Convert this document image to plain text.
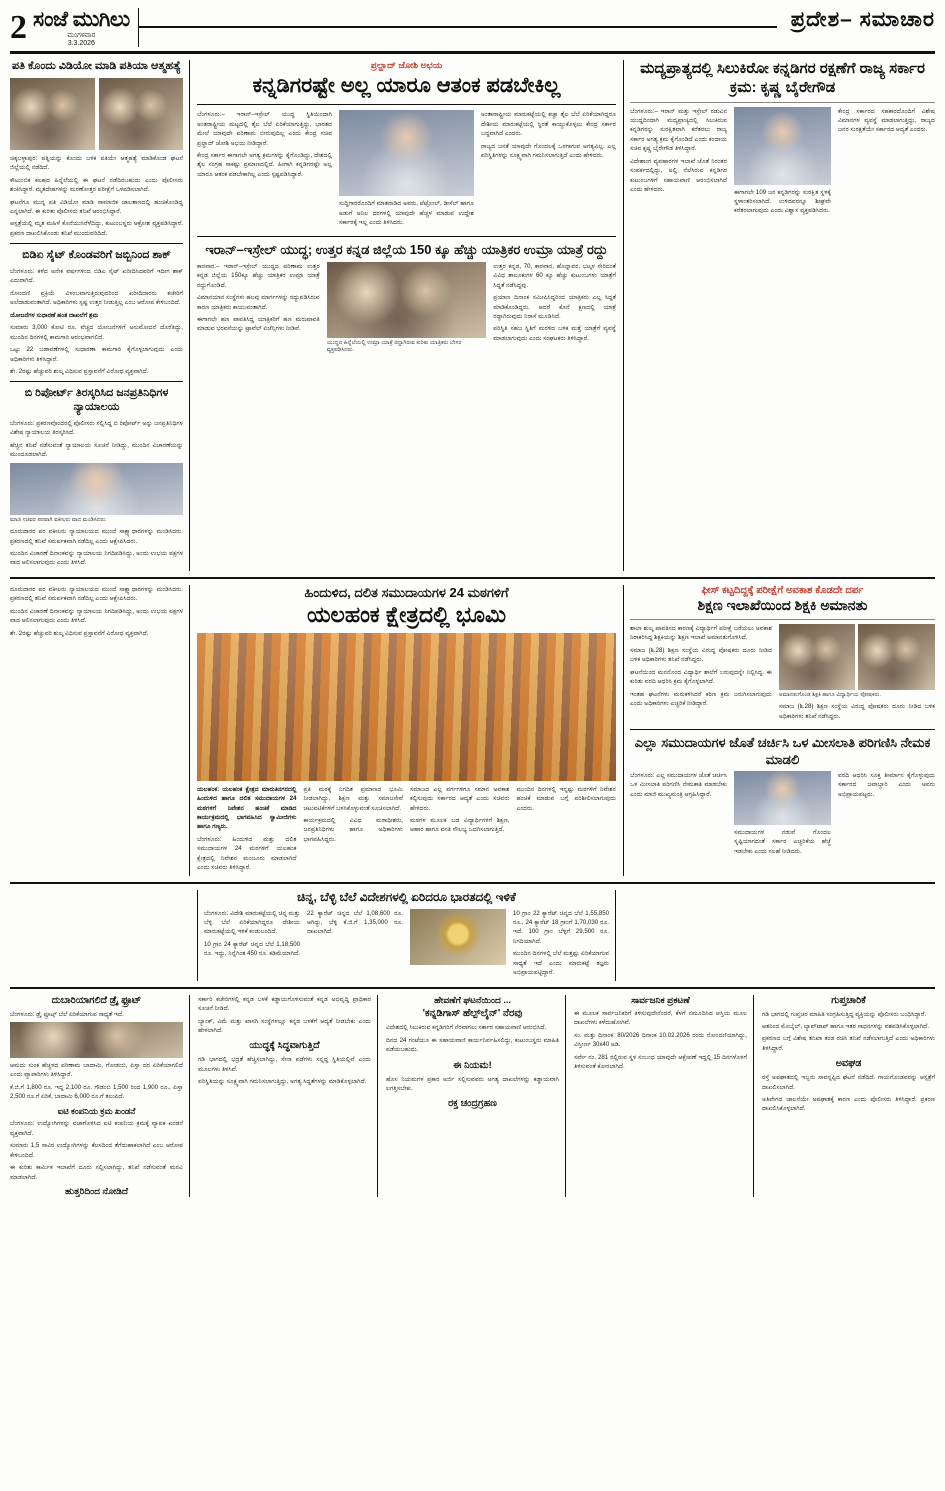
2 ಸಂಜೆ ಮುಗಿಲು
ಮಂಗಳವಾರ
3.3.2026
ಪ್ರದೇಶ– ಸಮಾಚಾರ
ಪತಿ ಕೊಂದು ವಿಡಿಯೋ ಮಾಡಿ ಪತಿಯಾ ಆತ್ಮಹತ್ಯೆ

ಚಿಕ್ಕಬಳ್ಳಾಪುರ: ಪತ್ನಿಯನ್ನು ಕೊಂದು ಬಳಿಕ ಪತಿಯೇ ಆತ್ಮಹತ್ಯೆ ಮಾಡಿಕೊಂಡ ಘಟನೆ ಜಿಲ್ಲೆಯಲ್ಲಿ ನಡೆದಿದೆ.

ಕೌಟುಂಬಿಕ ಕಲಹದ ಹಿನ್ನೆಲೆಯಲ್ಲಿ ಈ ಘಟನೆ ನಡೆದಿರಬಹುದು ಎಂದು ಪೊಲೀಸರು ಶಂಕಿಸಿದ್ದಾರೆ. ಮೃತದೇಹಗಳನ್ನು ಮರಣೋತ್ತರ ಪರೀಕ್ಷೆಗೆ ಒಳಪಡಿಸಲಾಗಿದೆ.

ಘಟನೆಗೂ ಮುನ್ನ ಪತಿ ವಿಡಿಯೋ ಮಾಡಿ ಸಾಮಾಜಿಕ ಜಾಲತಾಣದಲ್ಲಿ ಹಂಚಿಕೊಂಡಿದ್ದ ಎನ್ನಲಾಗಿದೆ. ಈ ಕುರಿತು ಪೊಲೀಸರು ತನಿಖೆ ಆರಂಭಿಸಿದ್ದಾರೆ.

ಆಸ್ಪತ್ರೆಯಲ್ಲಿ ಮೃತ ಮಹಿಳೆ ಕೊನೆಯುಸಿರೆಳೆದಿದ್ದು, ಕುಟುಂಬಸ್ಥರು ಆಕ್ರೋಶ ವ್ಯಕ್ತಪಡಿಸಿದ್ದಾರೆ. ಪ್ರಕರಣ ದಾಖಲಿಸಿಕೊಂಡು ತನಿಖೆ ಮುಂದುವರಿದಿದೆ.

ಬಿಡಿಏ ಸೈಟ್ ಕೊಂಡವರಿಗೆ ಜಬ್ಬಿನಿಂದ ಶಾಕ್

ಬೆಂಗಳೂರು: ಕಳೆದ ಅನೇಕ ವರ್ಷಗಳಿಂದ ಬಿಡಿಎ ಸೈಟ್ ಖರೀದಿಸಿದವರಿಗೆ ಇದೀಗ ಶಾಕ್ ಎದುರಾಗಿದೆ.

ನೋಂದಣಿ ಪ್ರಕ್ರಿಯೆ ವಿಳಂಬವಾಗುತ್ತಿರುವುದರಿಂದ ಖರೀದಿದಾರರು ಕಚೇರಿಗೆ ಅಲೆದಾಡುವಂತಾಗಿದೆ. ಅಧಿಕಾರಿಗಳು ಸ್ಪಷ್ಟ ಉತ್ತರ ನೀಡುತ್ತಿಲ್ಲ ಎಂಬ ಆರೋಪ ಕೇಳಿಬಂದಿದೆ.

ಯೋಜನೆಗಳ ಸುಧಾರಣೆ ಹಂತ ದಾಖಲೆಗೆ ಶ್ರಮ

ಸುಮಾರು 3,000 ಕೋಟಿ ರೂ. ವೆಚ್ಚದ ಯೋಜನೆಗಳಿಗೆ ಅನುಮೋದನೆ ದೊರೆತಿದ್ದು, ಮುಂದಿನ ದಿನಗಳಲ್ಲಿ ಕಾಮಗಾರಿ ಆರಂಭವಾಗಲಿದೆ.

ಒಟ್ಟು 22 ಬಡಾವಣೆಗಳಲ್ಲಿ ಸುಧಾರಣಾ ಕಾಮಗಾರಿ ಕೈಗೊಳ್ಳಲಾಗುವುದು ಎಂದು ಅಧಿಕಾರಿಗಳು ತಿಳಿಸಿದ್ದಾರೆ.

ಶೇ. 2ರಷ್ಟು ಹೆಚ್ಚುವರಿ ಶುಲ್ಕ ವಿಧಿಸುವ ಪ್ರಸ್ತಾವನೆಗೆ ವಿರೋಧ ವ್ಯಕ್ತವಾಗಿದೆ.

ಬಿ ರಿಪೋರ್ಟ್ ತಿರಸ್ಕರಿಸಿದ ಜನಪ್ರತಿನಿಧಿಗಳ ನ್ಯಾಯಾಲಯ

ಬೆಂಗಳೂರು: ಪ್ರಕರಣವೊಂದರಲ್ಲಿ ಪೊಲೀಸರು ಸಲ್ಲಿಸಿದ್ದ ಬಿ ರಿಪೋರ್ಟ್ ಅನ್ನು ಜನಪ್ರತಿನಿಧಿಗಳ ವಿಶೇಷ ನ್ಯಾಯಾಲಯ ತಿರಸ್ಕರಿಸಿದೆ.

ಹೆಚ್ಚಿನ ತನಿಖೆ ನಡೆಸುವಂತೆ ನ್ಯಾಯಾಲಯ ಸೂಚನೆ ನೀಡಿದ್ದು, ಮುಂದಿನ ವಿಚಾರಣೆಯನ್ನು ಮುಂದೂಡಲಾಗಿದೆ.

ಮಾಜಿ ಸಚಿವರ ಪರವಾಗಿ ವಕೀಲರು ವಾದ ಮಂಡಿಸಿದರು.

ದೂರುದಾರರ ಪರ ವಕೀಲರು ನ್ಯಾಯಾಲಯದ ಮುಂದೆ ಸಾಕ್ಷ್ಯಾಧಾರಗಳನ್ನು ಮಂಡಿಸಿದರು. ಪ್ರಕರಣದಲ್ಲಿ ತನಿಖೆ ಸಮರ್ಪಕವಾಗಿ ನಡೆದಿಲ್ಲ ಎಂದು ಆಕ್ಷೇಪಿಸಿದರು.

ಮುಂದಿನ ವಿಚಾರಣೆ ದಿನಾಂಕವನ್ನು ನ್ಯಾಯಾಲಯ ನಿಗದಿಪಡಿಸಿದ್ದು, ಅಂದು ಉಭಯ ಪಕ್ಷಗಳ ವಾದ ಆಲಿಸಲಾಗುವುದು ಎಂದು ತಿಳಿಸಿದೆ.

ಪ್ರಲ್ಹಾದ್ ಜೋಶಿ ಅಭಯ
ಕನ್ನಡಿಗರಷ್ಟೇ ಅಲ್ಲ ಯಾರೂ ಆತಂಕ ಪಡಬೇಕಿಲ್ಲ

ಬೆಂಗಳೂರು:– ಇರಾನ್–ಇಸ್ರೇಲ್ ಯುದ್ಧ ಸ್ಥಿತಿಯಿಂದಾಗಿ ಅಂತರಾಷ್ಟ್ರೀಯ ಮಟ್ಟದಲ್ಲಿ ತೈಲ ಬೆಲೆ ಏರಿಕೆಯಾಗುತ್ತಿದ್ದು, ಭಾರತದ ಮೇಲೆ ಯಾವುದೇ ಪರಿಣಾಮ ಬೀರುವುದಿಲ್ಲ ಎಂದು ಕೇಂದ್ರ ಸಚಿವ ಪ್ರಲ್ಹಾದ್ ಜೋಶಿ ಅಭಯ ನೀಡಿದ್ದಾರೆ.

ಕೇಂದ್ರ ಸರ್ಕಾರ ಈಗಾಗಲೇ ಅಗತ್ಯ ಕ್ರಮಗಳನ್ನು ಕೈಗೊಂಡಿದ್ದು, ದೇಶದಲ್ಲಿ ತೈಲ ಸಂಗ್ರಹ ಸಾಕಷ್ಟು ಪ್ರಮಾಣದಲ್ಲಿದೆ. ಹೀಗಾಗಿ ಕನ್ನಡಿಗರಷ್ಟೇ ಅಲ್ಲ ಯಾರೂ ಆತಂಕ ಪಡಬೇಕಾಗಿಲ್ಲ ಎಂದು ಸ್ಪಷ್ಟಪಡಿಸಿದ್ದಾರೆ.

ಸುದ್ದಿಗಾರರೊಂದಿಗೆ ಮಾತನಾಡಿದ ಅವರು, ಪೆಟ್ರೋಲ್, ಡೀಸೆಲ್ ಹಾಗೂ ಅಡುಗೆ ಅನಿಲ ದರಗಳಲ್ಲಿ ಯಾವುದೇ ಹೆಚ್ಚಳ ಮಾಡುವ ಉದ್ದೇಶ ಸರ್ಕಾರಕ್ಕೆ ಇಲ್ಲ ಎಂದು ತಿಳಿಸಿದರು.

ಅಂತಾರಾಷ್ಟ್ರೀಯ ಮಾರುಕಟ್ಟೆಯಲ್ಲಿ ಕಚ್ಚಾ ತೈಲ ಬೆಲೆ ಏರಿಕೆಯಾಗಿದ್ದರೂ ದೇಶೀಯ ಮಾರುಕಟ್ಟೆಯಲ್ಲಿ ಸ್ಥಿರತೆ ಕಾಯ್ದುಕೊಳ್ಳಲು ಕೇಂದ್ರ ಸರ್ಕಾರ ಬದ್ಧವಾಗಿದೆ ಎಂದರು.

ರಾಜ್ಯದ ಜನತೆ ಯಾವುದೇ ಗೊಂದಲಕ್ಕೆ ಒಳಗಾಗುವ ಅಗತ್ಯವಿಲ್ಲ. ಎಲ್ಲ ಪರಿಸ್ಥಿತಿಗಳನ್ನು ಸೂಕ್ಷ್ಮವಾಗಿ ಗಮನಿಸಲಾಗುತ್ತಿದೆ ಎಂದು ಹೇಳಿದರು.

ಇರಾನ್–ಇಸ್ರೇಲ್ ಯುದ್ಧ; ಉತ್ತರ ಕನ್ನಡ ಜಿಲ್ಲೆಯ 150 ಕ್ಕೂ ಹೆಚ್ಚು ಯಾತ್ರಿಕರ ಉಮ್ರಾ ಯಾತ್ರೆ ರದ್ದು

ಕಾರವಾರ:– ಇರಾನ್–ಇಸ್ರೇಲ್ ಯುದ್ಧದ ಪರಿಣಾಮ ಉತ್ತರ ಕನ್ನಡ ಜಿಲ್ಲೆಯ 150ಕ್ಕೂ ಹೆಚ್ಚು ಯಾತ್ರಿಕರ ಉಮ್ರಾ ಯಾತ್ರೆ ರದ್ದುಗೊಂಡಿದೆ.

ವಿಮಾನಯಾನ ಸಂಸ್ಥೆಗಳು ಹಲವು ಮಾರ್ಗಗಳನ್ನು ರದ್ದುಪಡಿಸಿರುವ ಕಾರಣ ಯಾತ್ರಿಕರು ಕಾಯುವಂತಾಗಿದೆ.

ಈಗಾಗಲೇ ಹಣ ಪಾವತಿಸಿದ್ದ ಯಾತ್ರಿಕರಿಗೆ ಹಣ ಮರುಪಾವತಿ ಮಾಡುವ ಭರವಸೆಯನ್ನು ಟ್ರಾವೆಲ್ ಏಜೆನ್ಸಿಗಳು ನೀಡಿವೆ.

ಯುದ್ಧದ ಹಿನ್ನೆಲೆಯಲ್ಲಿ ಉಮ್ರಾ ಯಾತ್ರೆ ರದ್ದಾಗಿರುವ ಕುರಿತು ಯಾತ್ರಿಕರು ಬೇಸರ ವ್ಯಕ್ತಪಡಿಸಿದರು.

ಉತ್ತರ ಕನ್ನಡ, 70, ಕಾರವಾರ, ಹೊನ್ನಾವರ, ಭಟ್ಕಳ ಸೇರಿದಂತೆ ವಿವಿಧ ತಾಲೂಕುಗಳ 60 ಕ್ಕೂ ಹೆಚ್ಚು ಕುಟುಂಬಗಳು ಯಾತ್ರೆಗೆ ಸಿದ್ಧತೆ ನಡೆಸಿದ್ದವು.

ಪ್ರಯಾಣ ದಿನಾಂಕ ಸಮೀಪಿಸಿದ್ದರಿಂದ ಯಾತ್ರಿಕರು ಎಲ್ಲ ಸಿದ್ಧತೆ ಮಾಡಿಕೊಂಡಿದ್ದರು. ಆದರೆ ಕೊನೆ ಕ್ಷಣದಲ್ಲಿ ಯಾತ್ರೆ ರದ್ದಾಗಿರುವುದು ನಿರಾಸೆ ಮೂಡಿಸಿದೆ.

ಪರಿಸ್ಥಿತಿ ಸಹಜ ಸ್ಥಿತಿಗೆ ಮರಳಿದ ಬಳಿಕ ಮತ್ತೆ ಯಾತ್ರೆಗೆ ವ್ಯವಸ್ಥೆ ಮಾಡಲಾಗುವುದು ಎಂದು ಸಂಘಟಕರು ತಿಳಿಸಿದ್ದಾರೆ.

ಮದ್ಯಪ್ರಾತ್ಯದಲ್ಲಿ ಸಿಲುಕಿರೋ ಕನ್ನಡಿಗರ ರಕ್ಷಣೆಗೆ ರಾಜ್ಯ ಸರ್ಕಾರ ಕ್ರಮ: ಕೃಷ್ಣ ಬೈರೇಗೌಡ

ಬೆಂಗಳೂರು:– ಇರಾನ್ ಮತ್ತು ಇಸ್ರೇಲ್ ನಡುವಿನ ಯುದ್ಧದಿಂದಾಗಿ ಮದ್ಯಪ್ರಾಚ್ಯದಲ್ಲಿ ಸಿಲುಕಿರುವ ಕನ್ನಡಿಗರನ್ನು ಸುರಕ್ಷಿತವಾಗಿ ಕರೆತರಲು ರಾಜ್ಯ ಸರ್ಕಾರ ಅಗತ್ಯ ಕ್ರಮ ಕೈಗೊಂಡಿದೆ ಎಂದು ಕಂದಾಯ ಸಚಿವ ಕೃಷ್ಣ ಬೈರೇಗೌಡ ತಿಳಿಸಿದ್ದಾರೆ.

ವಿದೇಶಾಂಗ ವ್ಯವಹಾರಗಳ ಇಲಾಖೆ ಜೊತೆ ನಿರಂತರ ಸಂಪರ್ಕದಲ್ಲಿದ್ದು, ಅಲ್ಲಿ ನೆಲೆಸಿರುವ ಕನ್ನಡಿಗರ ಕುಟುಂಬಗಳಿಗೆ ಸಹಾಯವಾಣಿ ಆರಂಭಿಸಲಾಗಿದೆ ಎಂದು ಹೇಳಿದರು.	ಈಗಾಗಲೇ 109 ಜನ ಕನ್ನಡಿಗರನ್ನು ಸುರಕ್ಷಿತ ಸ್ಥಳಕ್ಕೆ ಸ್ಥಳಾಂತರಿಸಲಾಗಿದೆ. ಉಳಿದವರನ್ನೂ ಶೀಘ್ರವೇ ಕರೆತರಲಾಗುವುದು ಎಂದು ವಿಶ್ವಾಸ ವ್ಯಕ್ತಪಡಿಸಿದರು.

ಕೇಂದ್ರ ಸರ್ಕಾರದ ಸಹಕಾರದೊಂದಿಗೆ ವಿಶೇಷ ವಿಮಾನಗಳ ವ್ಯವಸ್ಥೆ ಮಾಡಲಾಗುತ್ತಿದ್ದು, ರಾಜ್ಯದ ಜನರ ಸುರಕ್ಷತೆಯೇ ಸರ್ಕಾರದ ಆದ್ಯತೆ ಎಂದರು.

ದೂರುದಾರರ ಪರ ವಕೀಲರು ನ್ಯಾಯಾಲಯದ ಮುಂದೆ ಸಾಕ್ಷ್ಯಾಧಾರಗಳನ್ನು ಮಂಡಿಸಿದರು. ಪ್ರಕರಣದಲ್ಲಿ ತನಿಖೆ ಸಮರ್ಪಕವಾಗಿ ನಡೆದಿಲ್ಲ ಎಂದು ಆಕ್ಷೇಪಿಸಿದರು.

ಮುಂದಿನ ವಿಚಾರಣೆ ದಿನಾಂಕವನ್ನು ನ್ಯಾಯಾಲಯ ನಿಗದಿಪಡಿಸಿದ್ದು, ಅಂದು ಉಭಯ ಪಕ್ಷಗಳ ವಾದ ಆಲಿಸಲಾಗುವುದು ಎಂದು ತಿಳಿಸಿದೆ.

ಶೇ. 2ರಷ್ಟು ಹೆಚ್ಚುವರಿ ಶುಲ್ಕ ವಿಧಿಸುವ ಪ್ರಸ್ತಾವನೆಗೆ ವಿರೋಧ ವ್ಯಕ್ತವಾಗಿದೆ.

ಹಿಂದುಳಿದ, ದಲಿತ ಸಮುದಾಯಗಳ 24 ಮಠಗಳಿಗೆ
ಯಲಹಂಕ ಕ್ಷೇತ್ರದಲ್ಲಿ ಭೂಮಿ

ಯಲಹಂಕ: ಯಲಹಂಕ ಕ್ಷೇತ್ರದ ಮಾರುತಿನಗರದಲ್ಲಿ ಹಿಂದುಳಿದ ಹಾಗೂ ದಲಿತ ಸಮುದಾಯಗಳ 24 ಮಠಗಳಿಗೆ ನಿವೇಶನ ಹಂಚಿಕೆ ಮಾಡಿದ ಕಾರ್ಯಕ್ರಮದಲ್ಲಿ ಭಾಗವಹಿಸಿದ ಸ್ವಾಮೀಜಿಗಳು ಹಾಗೂ ಗಣ್ಯರು.

ಬೆಂಗಳೂರು: ಹಿಂದುಳಿದ ಮತ್ತು ದಲಿತ ಸಮುದಾಯಗಳ 24 ಮಠಗಳಿಗೆ ಯಲಹಂಕ ಕ್ಷೇತ್ರದಲ್ಲಿ ನಿವೇಶನ ಮಂಜೂರು ಮಾಡಲಾಗಿದೆ ಎಂದು ಸಚಿವರು ತಿಳಿಸಿದ್ದಾರೆ.

ಪ್ರತಿ ಮಠಕ್ಕೆ ನಿಗದಿತ ಪ್ರಮಾಣದ ಭೂಮಿ ನೀಡಲಾಗಿದ್ದು, ಶಿಕ್ಷಣ ಮತ್ತು ಸಮಾಜಸೇವೆ ಚಟುವಟಿಕೆಗಳಿಗೆ ಬಳಸಿಕೊಳ್ಳುವಂತೆ ಸೂಚಿಸಲಾಗಿದೆ.

ಕಾರ್ಯಕ್ರಮದಲ್ಲಿ ವಿವಿಧ ಮಠಾಧೀಶರು, ಜನಪ್ರತಿನಿಧಿಗಳು ಹಾಗೂ ಅಧಿಕಾರಿಗಳು ಭಾಗವಹಿಸಿದ್ದರು.

ಸಮಾಜದ ಎಲ್ಲ ವರ್ಗಗಳಿಗೂ ಸಮಾನ ಅವಕಾಶ ಕಲ್ಪಿಸುವುದು ಸರ್ಕಾರದ ಆದ್ಯತೆ ಎಂದು ಸಚಿವರು ಹೇಳಿದರು.

ಮಠಗಳ ಮೂಲಕ ಬಡ ವಿದ್ಯಾರ್ಥಿಗಳಿಗೆ ಶಿಕ್ಷಣ, ಆಹಾರ ಹಾಗೂ ವಸತಿ ಸೌಲಭ್ಯ ಒದಗಿಸಲಾಗುತ್ತಿದೆ.

ಮುಂದಿನ ದಿನಗಳಲ್ಲಿ ಇನ್ನಷ್ಟು ಮಠಗಳಿಗೆ ನಿವೇಶನ ಹಂಚಿಕೆ ಮಾಡುವ ಬಗ್ಗೆ ಪರಿಶೀಲಿಸಲಾಗುವುದು ಎಂದರು.

ಫೀಸ್ ಕಟ್ಟದಿದ್ದಕ್ಕೆ ಪರೀಕ್ಷೆಗೆ ಅವಕಾಶ ಕೊಡದೇ ದರ್ಪ
ಶಿಕ್ಷಣ ಇಲಾಖೆಯಿಂದ ಶಿಕ್ಷಕಿ ಅಮಾನತು

ಶಾಲಾ ಶುಲ್ಕ ಪಾವತಿಸದ ಕಾರಣಕ್ಕೆ ವಿದ್ಯಾರ್ಥಿಗೆ ಪರೀಕ್ಷೆ ಬರೆಯಲು ಅವಕಾಶ ನಿರಾಕರಿಸಿದ್ದ ಶಿಕ್ಷಕಿಯನ್ನು ಶಿಕ್ಷಣ ಇಲಾಖೆ ಅಮಾನತುಗೊಳಿಸಿದೆ.

ಸಮಾಜ (ಶಿ.28) ಶಿಕ್ಷಣ ಸಂಸ್ಥೆಯ ವಿರುದ್ಧ ಪೋಷಕರು ದೂರು ನೀಡಿದ ಬಳಿಕ ಅಧಿಕಾರಿಗಳು ತನಿಖೆ ನಡೆಸಿದ್ದರು.

ಘಟನೆಯಿಂದ ಮನನೊಂದ ವಿದ್ಯಾರ್ಥಿ ಶಾಲೆಗೆ ಬರುವುದನ್ನೇ ನಿಲ್ಲಿಸಿದ್ದ. ಈ ಕುರಿತು ವರದಿ ಆಧರಿಸಿ ಕ್ರಮ ಕೈಗೊಳ್ಳಲಾಗಿದೆ.

ಇಂತಹ ಘಟನೆಗಳು ಮರುಕಳಿಸಿದರೆ ಕಠಿಣ ಕ್ರಮ ಜರುಗಿಸಲಾಗುವುದು ಎಂದು ಅಧಿಕಾರಿಗಳು ಎಚ್ಚರಿಕೆ ನೀಡಿದ್ದಾರೆ.

ಅಮಾನತುಗೊಂಡ ಶಿಕ್ಷಕಿ ಹಾಗೂ ವಿದ್ಯಾರ್ಥಿಯ ಪೋಷಕರು.

ಸಮಾಜ (ಶಿ.28) ಶಿಕ್ಷಣ ಸಂಸ್ಥೆಯ ವಿರುದ್ಧ ಪೋಷಕರು ದೂರು ನೀಡಿದ ಬಳಿಕ ಅಧಿಕಾರಿಗಳು ತನಿಖೆ ನಡೆಸಿದ್ದರು.

ಎಲ್ಲಾ ಸಮುದಾಯಗಳ ಜೊತೆ ಚರ್ಚಿಸಿ ಒಳ ಮೀಸಲಾತಿ ಪರಿಗಣಿಸಿ ನೇಮಕ ಮಾಡಲಿ

ಬೆಂಗಳೂರು: ಎಲ್ಲ ಸಮುದಾಯಗಳ ಜೊತೆ ಚರ್ಚಿಸಿ ಒಳ ಮೀಸಲಾತಿ ಪರಿಗಣಿಸಿ ನೇಮಕಾತಿ ಮಾಡಬೇಕು ಎಂದು ಮಾಜಿ ಮುಖ್ಯಮಂತ್ರಿ ಆಗ್ರಹಿಸಿದ್ದಾರೆ.

ಸಮುದಾಯಗಳ ನಡುವೆ ಗೊಂದಲ ಸೃಷ್ಟಿಯಾಗದಂತೆ ಸರ್ಕಾರ ಎಚ್ಚರಿಕೆಯ ಹೆಜ್ಜೆ ಇಡಬೇಕು ಎಂದು ಸಲಹೆ ನೀಡಿದರು.

ವರದಿ ಆಧರಿಸಿ ಸೂಕ್ತ ತೀರ್ಮಾನ ಕೈಗೊಳ್ಳುವುದು ಸರ್ಕಾರದ ಜವಾಬ್ದಾರಿ ಎಂದು ಅವರು ಅಭಿಪ್ರಾಯಪಟ್ಟರು.

ಚಿನ್ನ, ಬೆಳ್ಳಿ ಬೆಲೆ ವಿದೇಶಗಳಲ್ಲಿ ಏರಿದರೂ ಭಾರತದಲ್ಲಿ ಇಳಿಕೆ

ಬೆಂಗಳೂರು: ವಿದೇಶಿ ಮಾರುಕಟ್ಟೆಯಲ್ಲಿ ಚಿನ್ನ ಮತ್ತು ಬೆಳ್ಳಿ ಬೆಲೆ ಏರಿಕೆಯಾಗಿದ್ದರೂ ದೇಶೀಯ ಮಾರುಕಟ್ಟೆಯಲ್ಲಿ ಇಳಿಕೆ ಕಂಡುಬಂದಿದೆ.

10 ಗ್ರಾಂ 24 ಕ್ಯಾರೆಟ್ ಚಿನ್ನದ ಬೆಲೆ 1,18,500 ರೂ. ಇದ್ದು, ನಿನ್ನೆಗಿಂತ 450 ರೂ. ಕಡಿಮೆಯಾಗಿದೆ.

22 ಕ್ಯಾರೆಟ್ ಚಿನ್ನದ ಬೆಲೆ 1,08,600 ರೂ. ಆಗಿದ್ದು, ಬೆಳ್ಳಿ ಕೆ.ಜಿ.ಗೆ 1,35,000 ರೂ. ದಾಖಲಾಗಿದೆ.

10 ಗ್ರಾಂ 22 ಕ್ಯಾರೆಟ್ ಚಿನ್ನದ ಬೆಲೆ 1,55,850 ರೂ., 24 ಕ್ಯಾರೆಟ್ 18 ಗ್ರಾಂಗೆ 1,70,030 ರೂ. ಇದೆ. 100 ಗ್ರಾಂ ಬೆಳ್ಳಿಗೆ 29,500 ರೂ. ನಿಗದಿಯಾಗಿದೆ.

ಮುಂದಿನ ದಿನಗಳಲ್ಲಿ ಬೆಲೆ ಮತ್ತಷ್ಟು ಏರಿಕೆಯಾಗುವ ಸಾಧ್ಯತೆ ಇದೆ ಎಂದು ಮಾರುಕಟ್ಟೆ ತಜ್ಞರು ಅಭಿಪ್ರಾಯಪಟ್ಟಿದ್ದಾರೆ.

ದುಬಾರಿಯಾಗಲಿದೆ ಡ್ರೈ ಫ್ರೂಟ್

ಬೆಂಗಳೂರು: ಡ್ರೈ ಫ್ರೂಟ್ಸ್ ಬೆಲೆ ಏರಿಕೆಯಾಗುವ ಸಾಧ್ಯತೆ ಇದೆ.

ಆಮದು ಸುಂಕ ಹೆಚ್ಚಳದ ಪರಿಣಾಮ ಬಾದಾಮಿ, ಗೋಡಂಬಿ, ಪಿಸ್ತಾ ದರ ಏರಿಕೆಯಾಗಲಿದೆ ಎಂದು ವ್ಯಾಪಾರಿಗಳು ತಿಳಿಸಿದ್ದಾರೆ.

ಕೆ.ಜಿ.ಗೆ 1,800 ರೂ. ಇದ್ದ 2,100 ರೂ. ಗೌಡಂಬಿ 1,500 ರಿಂದ 1,900 ರೂ., ಪಿಸ್ತಾ 2,500 ರೂ.ಗೆ ಏರಿಕೆ, ಬಾದಾಮಿ 6,000 ರೂ.ಗೆ ತಲುಪಿದೆ.

ಐಟಿ ಕಂಪನಿಯ ಕ್ರಮ ಖಂಡನೆ

ಬೆಂಗಳೂರು: ಉದ್ಯೋಗಿಗಳನ್ನು ವಜಾಗೊಳಿಸಿದ ಐಟಿ ಕಂಪನಿಯ ಕ್ರಮಕ್ಕೆ ವ್ಯಾಪಕ ಖಂಡನೆ ವ್ಯಕ್ತವಾಗಿದೆ.

ಸುಮಾರು 1,5 ಸಾವಿರ ಉದ್ಯೋಗಿಗಳನ್ನು ಕೆಲಸದಿಂದ ತೆಗೆದುಹಾಕಲಾಗಿದೆ ಎಂಬ ಆರೋಪ ಕೇಳಿಬಂದಿದೆ.

ಈ ಕುರಿತು ಕಾರ್ಮಿಕ ಇಲಾಖೆಗೆ ದೂರು ಸಲ್ಲಿಸಲಾಗಿದ್ದು, ತನಿಖೆ ನಡೆಸುವಂತೆ ಮನವಿ ಮಾಡಲಾಗಿದೆ.

ಹುತ್ತರಿದಿಂದ ನೋಡಿದೆ

ಸರ್ಕಾರಿ ಕಚೇರಿಗಳಲ್ಲಿ ಕನ್ನಡ ಬಳಕೆ ಕಡ್ಡಾಯಗೊಳಿಸುವಂತೆ ಕನ್ನಡ ಅಭಿವೃದ್ಧಿ ಪ್ರಾಧಿಕಾರ ಸೂಚನೆ ನೀಡಿದೆ.

ಬ್ಯಾಂಕ್, ವಿಮೆ ಮತ್ತು ಖಾಸಗಿ ಸಂಸ್ಥೆಗಳಲ್ಲೂ ಕನ್ನಡ ಬಳಕೆಗೆ ಆದ್ಯತೆ ನೀಡಬೇಕು ಎಂದು ಹೇಳಲಾಗಿದೆ.

ಯುದ್ಧಕ್ಕೆ ಸಿದ್ಧವಾಗುತ್ತಿದೆ

ಗಡಿ ಭಾಗದಲ್ಲಿ ಭದ್ರತೆ ಹೆಚ್ಚಿಸಲಾಗಿದ್ದು, ಸೇನಾ ಪಡೆಗಳು ಸನ್ನದ್ಧ ಸ್ಥಿತಿಯಲ್ಲಿವೆ ಎಂದು ಮೂಲಗಳು ತಿಳಿಸಿವೆ.

ಪರಿಸ್ಥಿತಿಯನ್ನು ಸೂಕ್ಷ್ಮವಾಗಿ ಗಮನಿಸಲಾಗುತ್ತಿದ್ದು, ಅಗತ್ಯ ಸಿದ್ಧತೆಗಳನ್ನು ಮಾಡಿಕೊಳ್ಳಲಾಗಿದೆ.

ಹೇವಣೆಗೆ ಘಟನೆಯಿಂದ ...
'ಕನ್ನಡಿಗಾಸ್ ಹೆಲ್ಪ್‌ಲೈನ್' ನೆರವು

ವಿದೇಶದಲ್ಲಿ ಸಿಲುಕಿರುವ ಕನ್ನಡಿಗರಿಗೆ ನೆರವಾಗಲು ಸರ್ಕಾರ ಸಹಾಯವಾಣಿ ಆರಂಭಿಸಿದೆ.

ದಿನದ 24 ಗಂಟೆಯೂ ಈ ಸಹಾಯವಾಣಿ ಕಾರ್ಯನಿರ್ವಹಿಸಲಿದ್ದು, ಕುಟುಂಬಸ್ಥರು ಮಾಹಿತಿ ಪಡೆಯಬಹುದು.

ಈ ನಿಯಮ!

ಹೊಸ ನಿಯಮಗಳ ಪ್ರಕಾರ ಅರ್ಜಿ ಸಲ್ಲಿಸುವವರು ಅಗತ್ಯ ದಾಖಲೆಗಳನ್ನು ಕಡ್ಡಾಯವಾಗಿ ಲಗತ್ತಿಸಬೇಕು.

ರಕ್ತ ಚಂದ್ರಗ್ರಹಣ
ಸಾರ್ವಜನಿಕ ಪ್ರಕಟಣೆ

ಈ ಮೂಲಕ ಸಾರ್ವಜನಿಕರಿಗೆ ತಿಳಿಸುವುದೇನೆಂದರೆ, ಕೆಳಗೆ ನಮೂದಿಸಿದ ಆಸ್ತಿಯ ಮೂಲ ದಾಖಲೆಗಳು ಕಳೆದುಹೋಗಿವೆ.

ಸಂ. ಮತ್ತು ದಿನಾಂಕ: 80/2026 ದಿನಾಂಕ 10.02.2026 ರಂದು ನೋಂದಣಿಯಾಗಿದ್ದು, ವಿಸ್ತೀರ್ಣ 30x40 ಅಡಿ.

ಸರ್ವೇ ನಂ. 281 ರಲ್ಲಿರುವ ಸ್ಥಳ ಸಂಬಂಧ ಯಾವುದೇ ಆಕ್ಷೇಪಣೆ ಇದ್ದಲ್ಲಿ 15 ದಿನಗಳೊಳಗೆ ತಿಳಿಸುವಂತೆ ಕೋರಲಾಗಿದೆ.

ಗುಪ್ತಚಾರಿಕೆ

ಗಡಿ ಭಾಗದಲ್ಲಿ ಗುಪ್ತಚರ ಮಾಹಿತಿ ಸಂಗ್ರಹಿಸುತ್ತಿದ್ದ ವ್ಯಕ್ತಿಯನ್ನು ಪೊಲೀಸರು ಬಂಧಿಸಿದ್ದಾರೆ.

ಆತನಿಂದ ಮೊಬೈಲ್, ಲ್ಯಾಪ್‌ಟಾಪ್ ಹಾಗೂ ಇತರ ಸಾಧನಗಳನ್ನು ವಶಪಡಿಸಿಕೊಳ್ಳಲಾಗಿದೆ.

ಪ್ರಕರಣದ ಬಗ್ಗೆ ವಿಶೇಷ ತನಿಖಾ ತಂಡ ರಚಿಸಿ ತನಿಖೆ ನಡೆಸಲಾಗುತ್ತಿದೆ ಎಂದು ಅಧಿಕಾರಿಗಳು ತಿಳಿಸಿದ್ದಾರೆ.

ಅವಘಡ

ರಸ್ತೆ ಅಪಘಾತದಲ್ಲಿ ಇಬ್ಬರು ಸಾವನ್ನಪ್ಪಿದ ಘಟನೆ ನಡೆದಿದೆ. ಗಾಯಗೊಂಡವರನ್ನು ಆಸ್ಪತ್ರೆಗೆ ದಾಖಲಿಸಲಾಗಿದೆ.

ಅತಿವೇಗದ ಚಾಲನೆಯೇ ಅಪಘಾತಕ್ಕೆ ಕಾರಣ ಎಂದು ಪೊಲೀಸರು ತಿಳಿಸಿದ್ದಾರೆ. ಪ್ರಕರಣ ದಾಖಲಿಸಿಕೊಳ್ಳಲಾಗಿದೆ.
